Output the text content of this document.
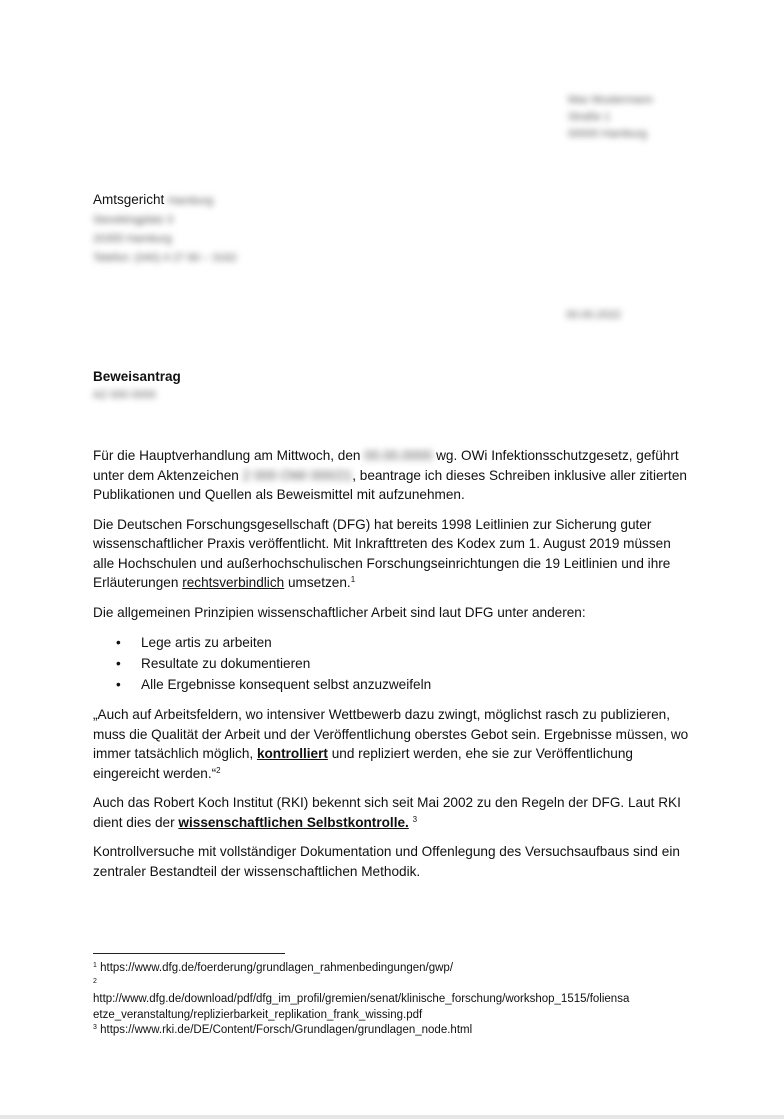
Max Mustermann
Straße 1
00000 Hamburg
Amtsgericht Hamburg
Sievekingplatz 3
20355 Hamburg
Telefon: (040) 4 27 80 – 3162
00.00.2022
Beweisantrag
AZ 000 0000

Für die Hauptverhandlung am Mittwoch, den 00.00.0000 wg. OWi Infektionsschutzgesetz, geführt unter dem Aktenzeichen 2 000 OWi 000/21, beantrage ich dieses Schreiben inklusive aller zitierten Publikationen und Quellen als Beweismittel mit aufzunehmen.

Die Deutschen Forschungsgesellschaft (DFG) hat bereits 1998 Leitlinien zur Sicherung guter wissenschaftlicher Praxis veröffentlicht. Mit Inkrafttreten des Kodex zum 1. August 2019 müssen alle Hochschulen und außerhochschulischen Forschungseinrichtungen die 19 Leitlinien und ihre Erläuterungen rechtsverbindlich umsetzen.$^1$

Die allgemeinen Prinzipien wissenschaftlicher Arbeit sind laut DFG unter anderen:

• Lege artis zu arbeiten
• Resultate zu dokumentieren
• Alle Ergebnisse konsequent selbst anzuzweifeln

„Auch auf Arbeitsfeldern, wo intensiver Wettbewerb dazu zwingt, möglichst rasch zu publizieren, muss die Qualität der Arbeit und der Veröffentlichung oberstes Gebot sein. Ergebnisse müssen, wo immer tatsächlich möglich, kontrolliert und repliziert werden, ehe sie zur Veröffentlichung eingereicht werden.“$^2$

Auch das Robert Koch Institut (RKI) bekennt sich seit Mai 2002 zu den Regeln der DFG. Laut RKI dient dies der wissenschaftlichen Selbstkontrolle. $^3$

Kontrollversuche mit vollständiger Dokumentation und Offenlegung des Versuchsaufbaus sind ein zentraler Bestandteil der wissenschaftlichen Methodik.

$^1$ https://www.dfg.de/foerderung/grundlagen_rahmenbedingungen/gwp/
$^2$
http://www.dfg.de/download/pdf/dfg_im_profil/gremien/senat/klinische_forschung/workshop_1515/foliensa etze_veranstaltung/replizierbarkeit_replikation_frank_wissing.pdf
$^3$ https://www.rki.de/DE/Content/Forsch/Grundlagen/grundlagen_node.html
